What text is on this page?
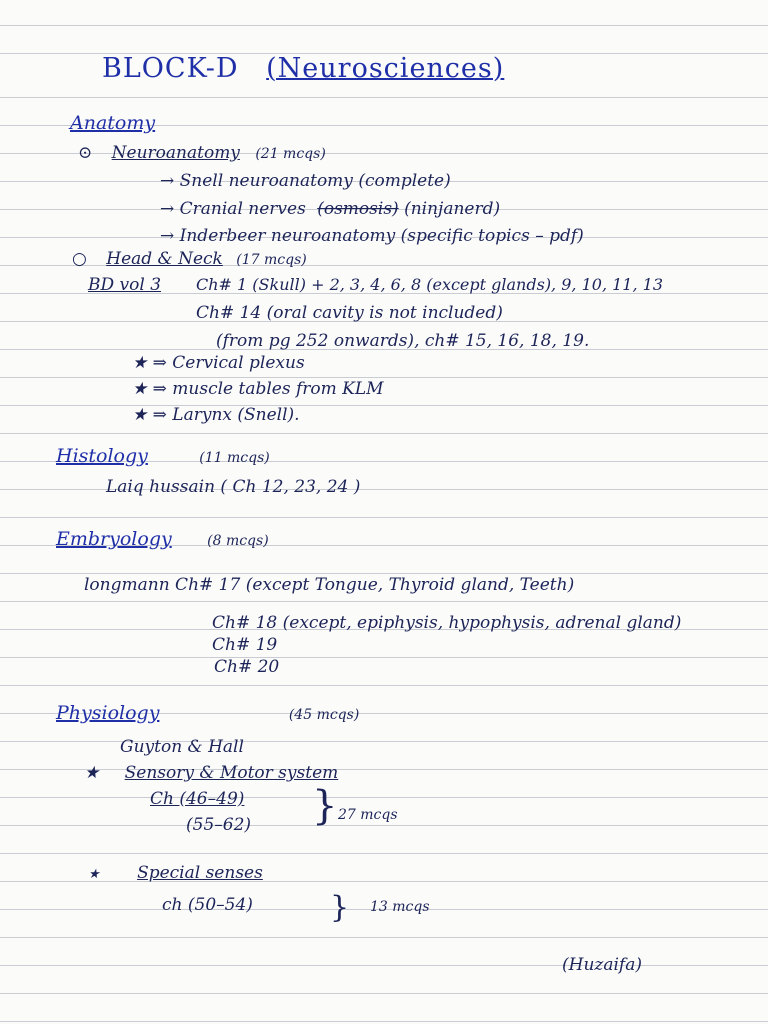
BLOCK-D (Neurosciences)
Anatomy
⊙ Neuroanatomy (21 mcqs)
→ Snell neuroanatomy (complete)
→ Cranial nerves (osmosis) (ninjanerd)
→ Inderbeer neuroanatomy (specific topics – pdf)
○ Head & Neck (17 mcqs)
BD vol 3 Ch# 1 (Skull) + 2, 3, 4, 6, 8 (except glands), 9, 10, 11, 13
Ch# 14 (oral cavity is not included)
(from pg 252 onwards), ch# 15, 16, 18, 19.
★ ⇒ Cervical plexus
★ ⇒ muscle tables from KLM
★ ⇒ Larynx (Snell).
Histology	(11 mcqs)
Laiq hussain ( Ch 12, 23, 24 )
Embryology	(8 mcqs)
longmann Ch# 17 (except Tongue, Thyroid gland, Teeth)
Ch# 18 (except, epiphysis, hypophysis, adrenal gland)
Ch# 19
Ch# 20
Physiology	(45 mcqs)
Guyton & Hall
★ Sensory & Motor system
Ch (46–49)
(55–62) } 27 mcqs
★ Special senses
ch (50–54)	} 13 mcqs
(Huzaifa)
